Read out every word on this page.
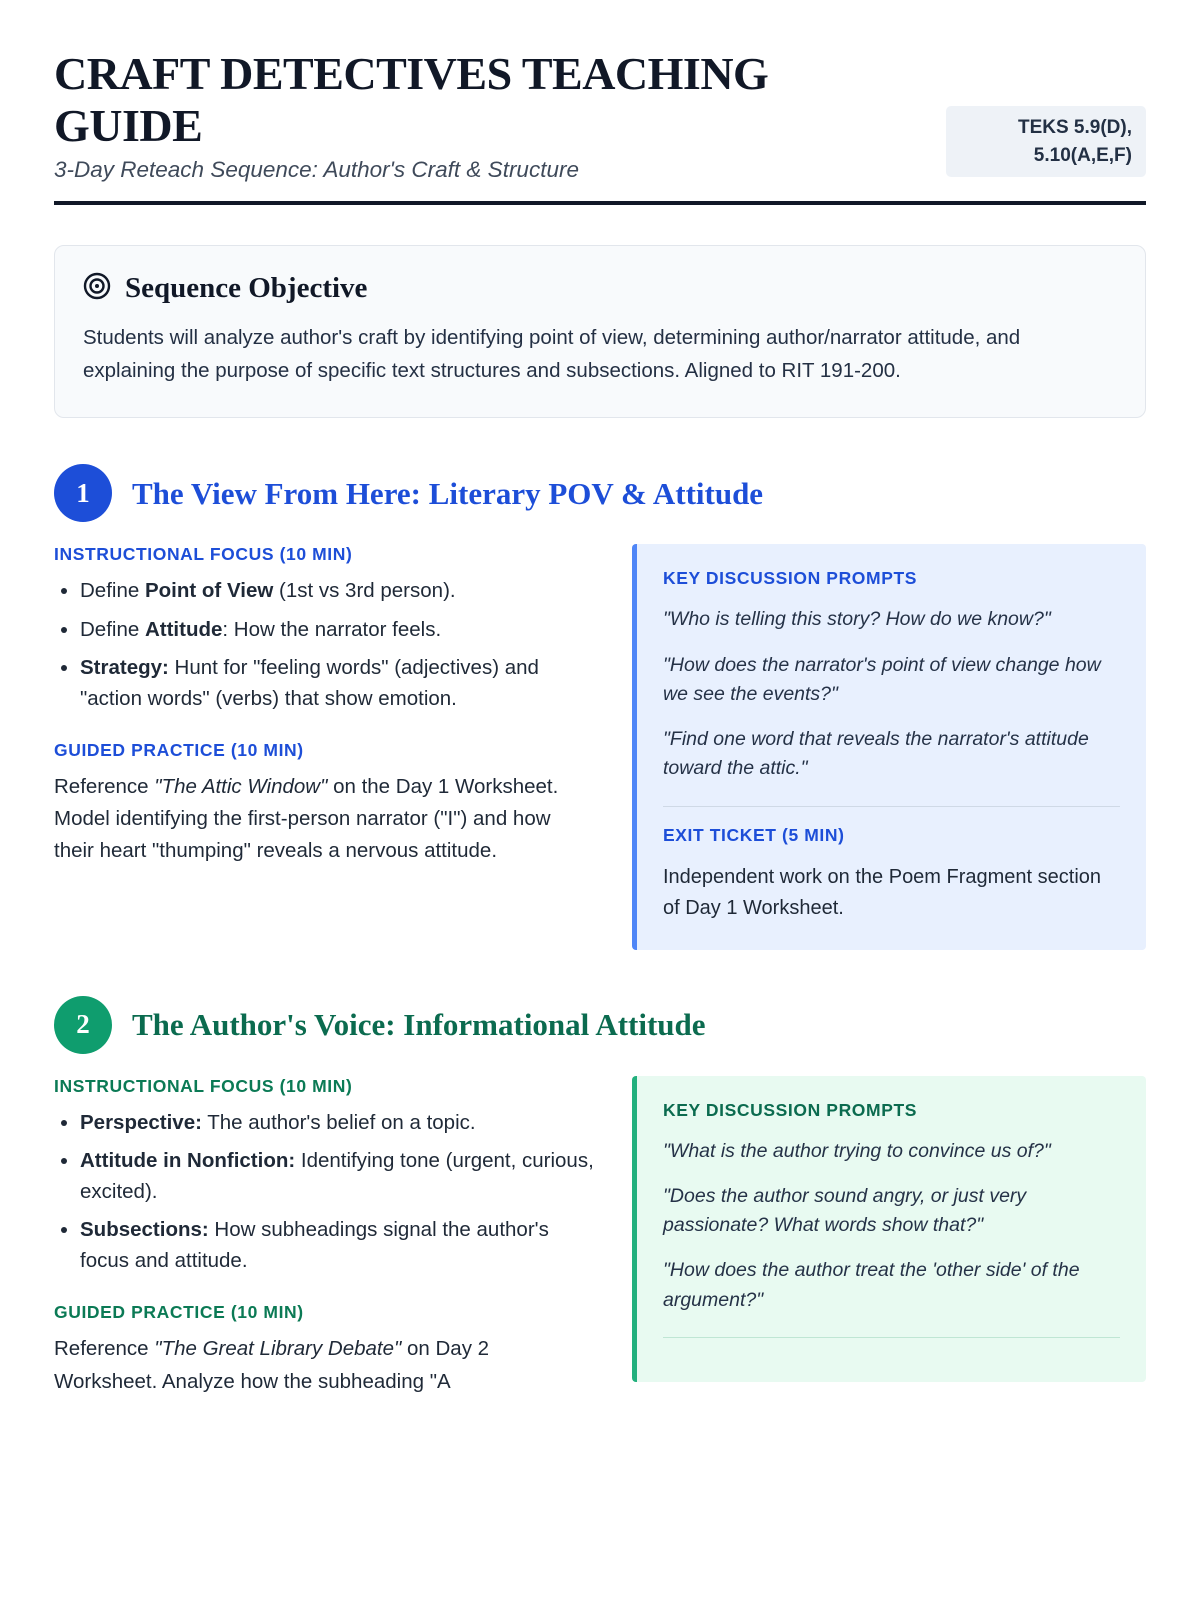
CRAFT DETECTIVES TEACHING GUIDE

3-Day Reteach Sequence: Author's Craft & Structure

TEKS 5.9(D), 5.10(A,E,F)
Sequence Objective
Students will analyze author's craft by identifying point of view, determining author/narrator attitude, and explaining the purpose of specific text structures and subsections. Aligned to RIT 191-200.
1	The View From Here: Literary POV & Attitude
INSTRUCTIONAL FOCUS (10 MIN)
• Define Point of View (1st vs 3rd person).
• Define Attitude: How the narrator feels.
• Strategy: Hunt for "feeling words" (adjectives) and "action words" (verbs) that show emotion.
GUIDED PRACTICE (10 MIN)

Reference "The Attic Window" on the Day 1 Worksheet. Model identifying the first-person narrator ("I") and how their heart "thumping" reveals a nervous attitude.

KEY DISCUSSION PROMPTS

"Who is telling this story? How do we know?"

"How does the narrator's point of view change how we see the events?"

"Find one word that reveals the narrator's attitude toward the attic."

EXIT TICKET (5 MIN)

Independent work on the Poem Fragment section of Day 1 Worksheet.

2	The Author's Voice: Informational Attitude
INSTRUCTIONAL FOCUS (10 MIN)
• Perspective: The author's belief on a topic.
• Attitude in Nonfiction: Identifying tone (urgent, curious, excited).
• Subsections: How subheadings signal the author's focus and attitude.
GUIDED PRACTICE (10 MIN)

Reference "The Great Library Debate" on Day 2 Worksheet. Analyze how the subheading "A

KEY DISCUSSION PROMPTS

"What is the author trying to convince us of?"

"Does the author sound angry, or just very passionate? What words show that?"

"How does the author treat the 'other side' of the argument?"
